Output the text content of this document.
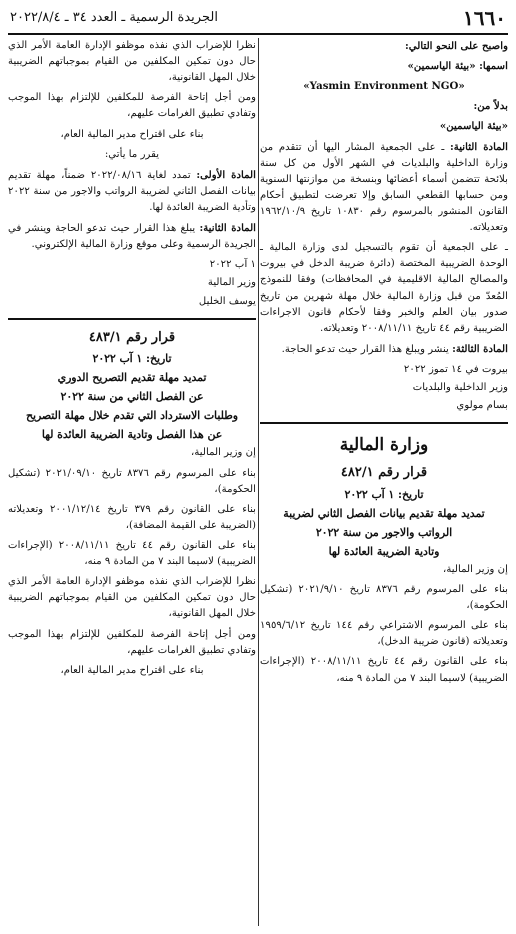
١٦٦٠
الجريدة الرسمية ـ العدد ٣٤ ـ ٢٠٢٢/٨/٤

واصبح على النحو التالي:

اسمها: «بيئة الياسمين»

«Yasmin Environment NGO»

بدلاً من:

«بيئة الياسمين»

المادة الثانية: ـ على الجمعية المشار اليها أن تتقدم من وزارة الداخلية والبلديات في الشهر الأول من كل سنة بلائحة تتضمن أسماء أعضائها وبنسخة من موازنتها السنوية ومن حسابها القطعي السابق وإلا تعرضت لتطبيق أحكام القانون المنشور بالمرسوم رقم ١٠٨٣٠ تاريخ ١٩٦٢/١٠/٩ وتعديلاته.

ـ على الجمعية أن تقوم بالتسجيل لدى وزارة المالية ـ الوحدة الضريبية المختصة (دائرة ضريبة الدخل في بيروت والمصالح المالية الاقليمية في المحافظات) وفقا للنموذج المُعدّ من قبل وزارة المالية خلال مهلة شهرين من تاريخ صدور بيان العلم والخبر وفقا لأحكام قانون الاجراءات الضريبية رقم ٤٤ تاريخ ٢٠٠٨/١١/١١ وتعديلاته.

المادة الثالثة: ينشر ويبلغ هذا القرار حيث تدعو الحاجة.

بيروت في ١٤ تموز ٢٠٢٢

وزير الداخلية والبلديات

بسام مولوي

وزارة المالية
قرار رقم ٤٨٢/١

تاريخ: ١ آب ٢٠٢٢

تمديد مهلة تقديم بيانات الفصل الثاني لضريبة

الرواتب والاجور من سنة ٢٠٢٢

وتادية الضريبة العائدة لها

إن وزير المالية،

بناء على المرسوم رقم ٨٣٧٦ تاريخ ٢٠٢١/٩/١٠ (تشكيل الحكومة)،

بناء على المرسوم الاشتراعي رقم ١٤٤ تاريخ ١٩٥٩/٦/١٢ وتعديلاته (قانون ضريبة الدخل)،

بناء على القانون رقم ٤٤ تاريخ ٢٠٠٨/١١/١١ (الإجراءات الضريبية) لاسيما البند ٧ من المادة ٩ منه،

نظرا للإضراب الذي نفذه موظفو الإدارة العامة الأمر الذي حال دون تمكين المكلفين من القيام بموجباتهم الضريبية خلال المهل القانونية،

ومن أجل إتاحة الفرصة للمكلفين للإلتزام بهذا الموجب وتفادي تطبيق الغرامات عليهم،

بناء على اقتراح مدير المالية العام،

يقرر ما يأتي:

المادة الأولى: تمدد لغاية ٢٠٢٢/٠٨/١٦ ضمناً، مهلة تقديم بيانات الفصل الثاني لضريبة الرواتب والاجور من سنة ٢٠٢٢ وتأدية الضريبة العائدة لها.

المادة الثانية: يبلغ هذا القرار حيث تدعو الحاجة وينشر في الجريدة الرسمية وعلى موقع وزارة المالية الإلكتروني.

١ آب ٢٠٢٢

وزير المالية

يوسف الخليل

قرار رقم ٤٨٣/١

تاريخ: ١ آب ٢٠٢٢

تمديد مهلة تقديم التصريح الدوري

عن الفصل الثاني من سنة ٢٠٢٢

وطلبات الاسترداد التي تقدم خلال مهلة التصريح

عن هذا الفصل وتادية الضريبة العائدة لها

إن وزير المالية،

بناء على المرسوم رقم ٨٣٧٦ تاريخ ٢٠٢١/٠٩/١٠ (تشكيل الحكومة)،

بناء على القانون رقم ٣٧٩ تاريخ ٢٠٠١/١٢/١٤ وتعديلاته (الضريبة على القيمة المضافة)،

بناء على القانون رقم ٤٤ تاريخ ٢٠٠٨/١١/١١ (الإجراءات الضريبية) لاسيما البند ٧ من المادة ٩ منه،

نظرا للإضراب الذي نفذه موظفو الإدارة العامة الأمر الذي حال دون تمكين المكلفين من القيام بموجباتهم الضريبية خلال المهل القانونية،

ومن أجل إتاحة الفرصة للمكلفين للإلتزام بهذا الموجب وتفادي تطبيق الغرامات عليهم،

بناء على اقتراح مدير المالية العام،
